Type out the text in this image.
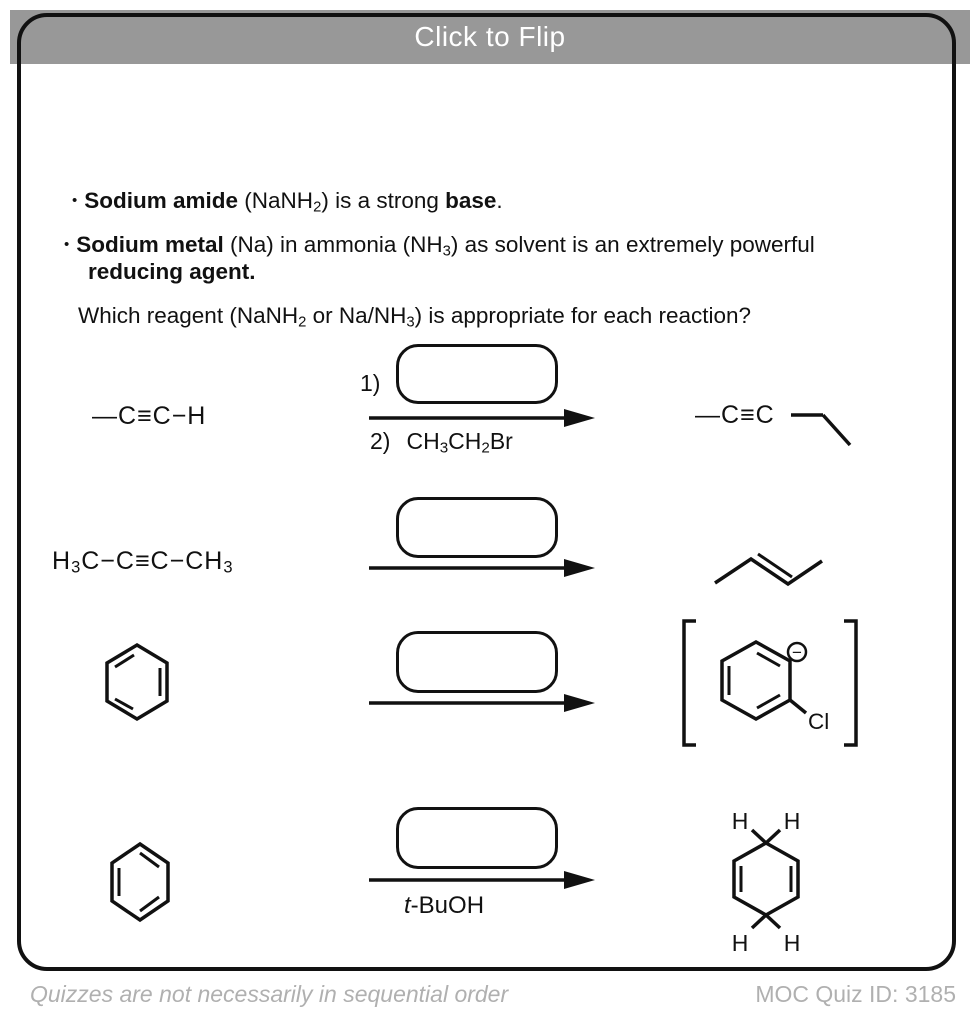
Click to Flip
• Sodium amide (NaNH$_2$) is a strong base.
• Sodium metal (Na) in ammonia $(NH_3)$ as solvent is an extremely powerful
reducing agent.
Which reagent (NaNH$_2$ or $Na/NH_3$) is appropriate for each reaction?
—C≡C−H
1)
2) $CH_3CH_2Br$
—C≡C
$H_3C-C\equiv C-CH_3$
−
Cl
t-BuOH
H H
H H
Quizzes are not necessarily in sequential order	MOC Quiz ID: 3185
